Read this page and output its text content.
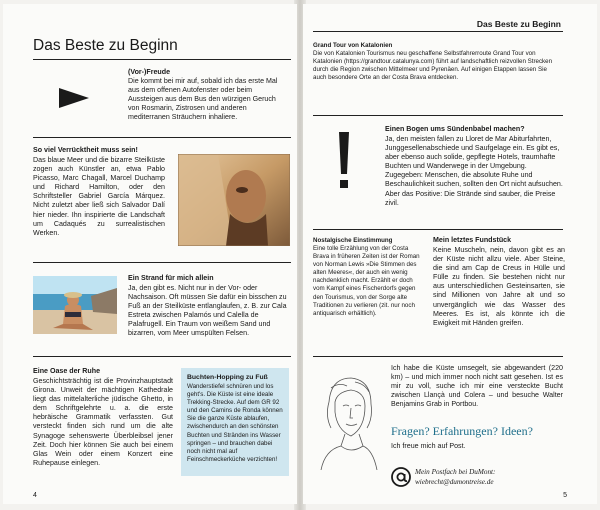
Das Beste zu Beginn
(Vor-)Freude
Die kommt bei mir auf, sobald ich das erste Mal aus dem offenen Autofenster oder beim Aussteigen aus dem Bus den würzigen Geruch von Rosmarin, Zistrosen und anderen mediterranen Sträuchern inhaliere.
So viel Verrücktheit muss sein!
Das blaue Meer und die bizarre Steilküste zogen auch Künstler an, etwa Pablo Picasso, Marc Chagall, Marcel Duchamp und Richard Hamilton, oder den Schriftsteller Gabriel García Márquez. Nicht zuletzt aber ließ sich Salvador Dalí hier nieder. Ihn inspirierte die Landschaft um Cadaqués zu surrealistischen Werken.
Ein Strand für mich allein
Ja, den gibt es. Nicht nur in der Vor- oder Nachsaison. Oft müssen Sie dafür ein bisschen zu Fuß an der Steilküste entlanglaufen, z. B. zur Cala Estreta zwischen Palamós und Calella de Palafrugell. Ein Traum von weißem Sand und bizarren, vom Meer umspülten Felsen.
Eine Oase der Ruhe
Geschichtsträchtig ist die Provinzhauptstadt Girona. Unweit der mächtigen Kathedrale liegt das mittelalterliche jüdische Ghetto, in dem Schriftgelehrte u. a. die erste hebräische Grammatik verfassten. Gut versteckt finden sich rund um die alte Synagoge sehenswerte Überbleibsel jener Zeit. Doch hier können Sie auch bei einem Glas Wein oder einem Konzert eine Ruhepause einlegen.
Buchten-Hopping zu Fuß
Wanderstiefel schnüren und los geht's. Die Küste ist eine ideale Trekking-Strecke. Auf dem GR 92 und den Camins de Ronda können Sie die ganze Küste ablaufen, zwischendurch an den schönsten Buchten und Stränden ins Wasser springen – und brauchen dabei noch nicht mal auf Feinschmeckerküche verzichten!
4
Das Beste zu Beginn
Grand Tour von Katalonien
Die von Katalonien Tourismus neu geschaffene Selbstfahrerroute Grand Tour von Katalonien (https://grandtour.catalunya.com) führt auf landschaftlich reizvollen Strecken durch die Region zwischen Mittelmeer und Pyrenäen. Auf einigen Etappen lassen Sie auch besondere Orte an der Costa Brava entdecken.
Einen Bogen ums Sündenbabel machen?
Ja, den meisten fallen zu Lloret de Mar Abiturfahrten, Junggesellenabschiede und Saufgelage ein. Es gibt es, aber ebenso auch solide, gepflegte Hotels, traumhafte Buchten und Wanderwege in der Umgebung. Zugegeben: Menschen, die absolute Ruhe und Beschaulichkeit suchen, sollten den Ort nicht aufsuchen. Aber das Positive: Die Strände sind sauber, die Preise zivil.
Nostalgische Einstimmung
Eine tolle Erzählung von der Costa Brava in früheren Zeiten ist der Roman von Norman Lewis »Die Stimmen des alten Meeres«, der auch ein wenig nachdenklich macht. Erzählt er doch vom Kampf eines Fischerdorfs gegen den Tourismus, von der Sorge alte Traditionen zu verlieren (zit. nur noch antiquarisch erhältlich).
Mein letztes Fundstück
Keine Muscheln, nein, davon gibt es an der Küste nicht allzu viele. Aber Steine, die sind am Cap de Creus in Hülle und Fülle zu finden. Sie bestehen nicht nur aus unterschiedlichen Gesteinsarten, sie sind Millionen von Jahre alt und so unvergänglich wie das Wasser des Meeres. Es ist, als könnte ich die Ewigkeit mit Händen greifen.
Ich habe die Küste umsegelt, sie abgewandert (220 km) – und mich immer noch nicht satt gesehen. Ist es mir zu voll, suche ich mir eine versteckte Bucht zwischen Llançà und Colera – und besuche Walter Benjamins Grab in Portbou.
Fragen? Erfahrungen? Ideen?
Ich freue mich auf Post.
Mein Postfach bei DuMont:
wiebrecht@dumontreise.de
5
